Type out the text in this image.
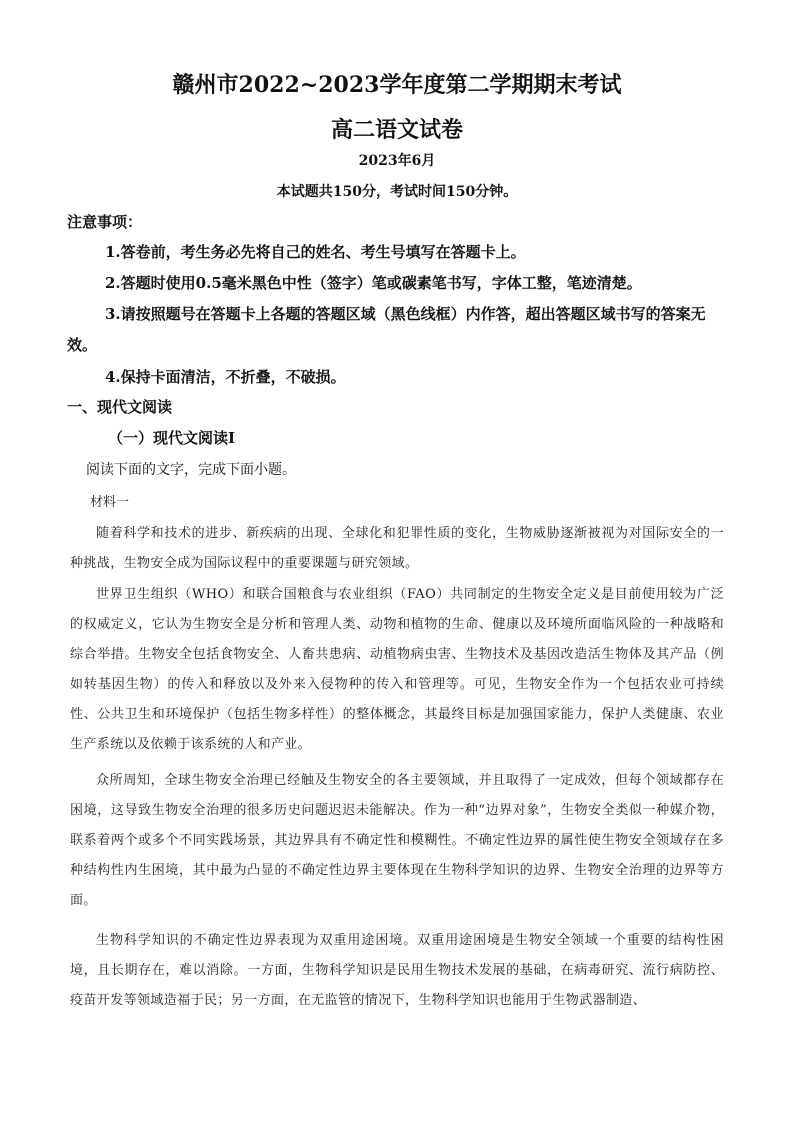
赣州市2022~2023学年度第二学期期末考试
高二语文试卷
2023年6月
本试题共150分，考试时间150分钟。
注意事项：
1.答卷前，考生务必先将自己的姓名、考生号填写在答题卡上。
2.答题时使用0.5毫米黑色中性（签字）笔或碳素笔书写，字体工整，笔迹清楚。
3.请按照题号在答题卡上各题的答题区域（黑色线框）内作答，超出答题区域书写的答案无效。
4.保持卡面清洁，不折叠，不破损。
一、现代文阅读
（一）现代文阅读Ⅰ
阅读下面的文字，完成下面小题。
材料一
随着科学和技术的进步、新疾病的出现、全球化和犯罪性质的变化，生物威胁逐渐被视为对国际安全的一种挑战，生物安全成为国际议程中的重要课题与研究领域。
世界卫生组织（WHO）和联合国粮食与农业组织（FAO）共同制定的生物安全定义是目前使用较为广泛的权威定义，它认为生物安全是分析和管理人类、动物和植物的生命、健康以及环境所面临风险的一种战略和综合举措。生物安全包括食物安全、人畜共患病、动植物病虫害、生物技术及基因改造活生物体及其产品（例如转基因生物）的传入和释放以及外来入侵物种的传入和管理等。可见，生物安全作为一个包括农业可持续性、公共卫生和环境保护（包括生物多样性）的整体概念，其最终目标是加强国家能力，保护人类健康、农业生产系统以及依赖于该系统的人和产业。
众所周知，全球生物安全治理已经触及生物安全的各主要领域，并且取得了一定成效，但每个领域都存在困境，这导致生物安全治理的很多历史问题迟迟未能解决。作为一种“边界对象”，生物安全类似一种媒介物，联系着两个或多个不同实践场景，其边界具有不确定性和模糊性。不确定性边界的属性使生物安全领域存在多种结构性内生困境，其中最为凸显的不确定性边界主要体现在生物科学知识的边界、生物安全治理的边界等方面。
生物科学知识的不确定性边界表现为双重用途困境。双重用途困境是生物安全领域一个重要的结构性困境，且长期存在，难以消除。一方面，生物科学知识是民用生物技术发展的基础，在病毒研究、流行病防控、疫苗开发等领域造福于民；另一方面，在无监管的情况下，生物科学知识也能用于生物武器制造、
